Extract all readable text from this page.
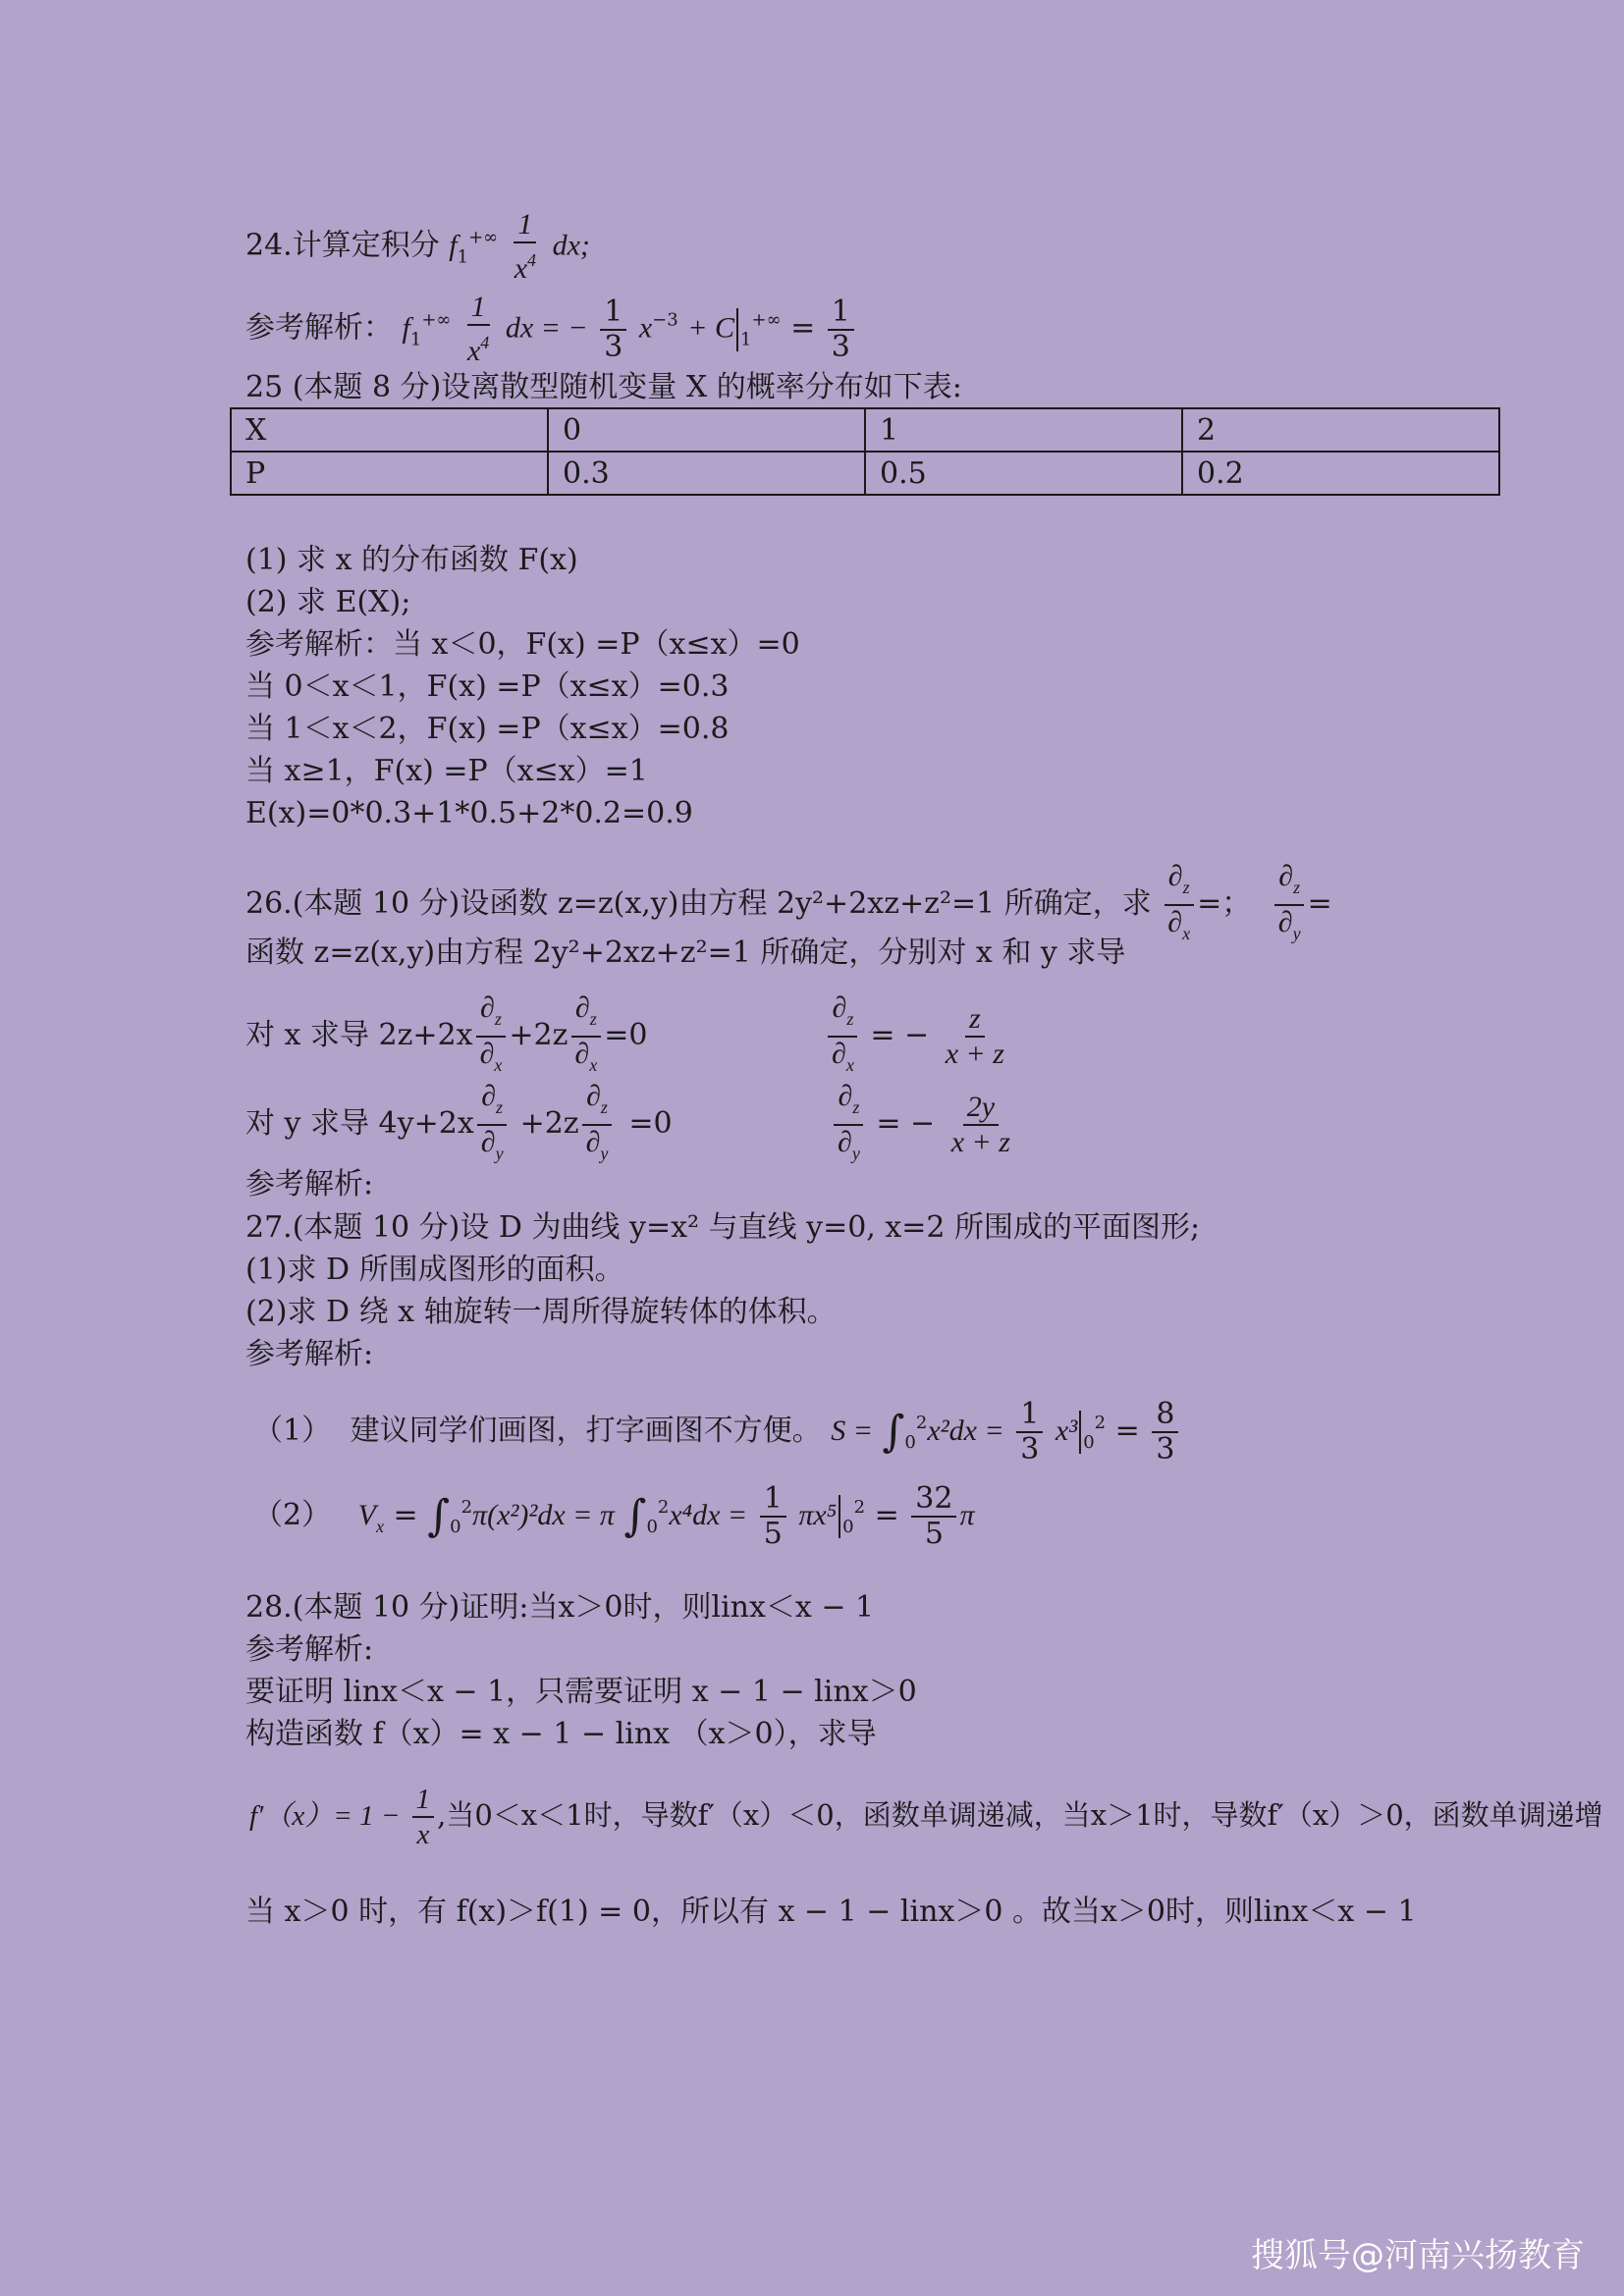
24.计算定积分 $f_1^{+\infty} \frac{1}{x^4}$ dx;
参考解析： $f_1^{+\infty} \frac{1}{x^4}$ dx = − $\frac{1}{3} x^{-3} + C$ $_1^{+\infty} = \frac{1}{3}$
25 (本题 8 分)设离散型随机变量 X 的概率分布如下表:
X	0	1	2
P	0.3	0.5	0.2
(1) 求 x 的分布函数 F(x)
(2) 求 E(X);
参考解析：当 x＜0，F(x) =P（x≤x）=0
当 0＜x＜1，F(x) =P（x≤x）=0.3
当 1＜x＜2，F(x) =P（x≤x）=0.8
当 x≥1，F(x) =P（x≤x）=1
E(x)=0*0.3+1*0.5+2*0.2=0.9
26.(本题 10 分)设函数 z=z(x,y)由方程 2y²+2xz+z²=1 所确定，求 $\frac{\partial_z}{\partial_x}$ =； $\frac{\partial_z}{\partial_y}$ =
函数 z=z(x,y)由方程 2y²+2xz+z²=1 所确定，分别对 x 和 y 求导
对 x 求导 $2z+2x \frac{\partial_z}{\partial_x} +2z \frac{\partial_z}{\partial_x} =0$	$\frac{\partial_z}{\partial_x}$ = − $\frac{z}{x + z}$
对 y 求导 $4y+2x \frac{\partial_z}{\partial_y} +2z \frac{\partial_z}{\partial_y} =0$	$\frac{\partial_z}{\partial_y}$ = − $\frac{2y}{x + z}$
参考解析:
27.(本题 10 分)设 D 为曲线 y=x² 与直线 y=0, x=2 所围成的平面图形;
(1)求 D 所围成图形的面积。
(2)求 D 绕 x 轴旋转一周所得旋转体的体积。
参考解析:
（1） 建议同学们画图，打字画图不方便。 $S = \int_0^2x^2dx = \frac{1}{3} x^3$ $_0^2 = \frac{8}{3}$
（2） $V_x = \int_0^2\pi(x^2)^2dx = \pi$ $\int_0^2x^4dx = \frac{1}{5} \pi x^5$ $_0^2 = \frac{32}{5}$ π
28.(本题 10 分)证明:当x＞0时，则linx＜x − 1
参考解析:
要证明 linx＜x − 1，只需要证明 x − 1 − linx＞0
构造函数 f（x）= x − 1 − linx （x＞0），求导
$f'(x)= 1 - \frac{1}{x}$ ,当0＜x＜1时，导数f′（x）＜0，函数单调递减，当x＞1时，导数f′（x）＞0，函数单调递增
当 x＞0 时，有 f(x)＞f(1) = 0，所以有 x − 1 − linx＞0 。故当x＞0时，则linx＜x − 1
搜狐号@河南兴扬教育
